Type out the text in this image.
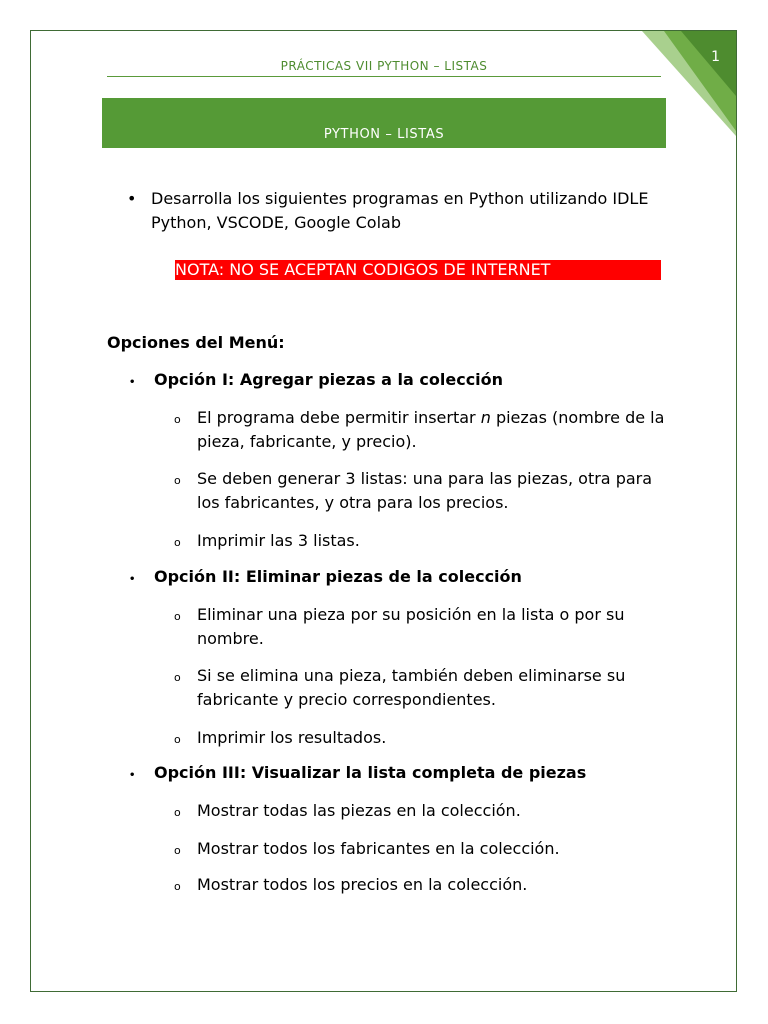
1
PRÁCTICAS VII PYTHON – LISTAS
PYTHON – LISTAS
• Desarrolla los siguientes programas en Python utilizando IDLE Python, VSCODE, Google Colab
NOTA: NO SE ACEPTAN CODIGOS DE INTERNET
Opciones del Menú:
•	Opción I: Agregar piezas a la colección
o	El programa debe permitir insertar n piezas (nombre de la pieza, fabricante, y precio).
o	Se deben generar 3 listas: una para las piezas, otra para los fabricantes, y otra para los precios.
o	Imprimir las 3 listas.
•	Opción II: Eliminar piezas de la colección
o	Eliminar una pieza por su posición en la lista o por su nombre.
o	Si se elimina una pieza, también deben eliminarse su fabricante y precio correspondientes.
o	Imprimir los resultados.
•	Opción III: Visualizar la lista completa de piezas
o	Mostrar todas las piezas en la colección.
o	Mostrar todos los fabricantes en la colección.
o	Mostrar todos los precios en la colección.
